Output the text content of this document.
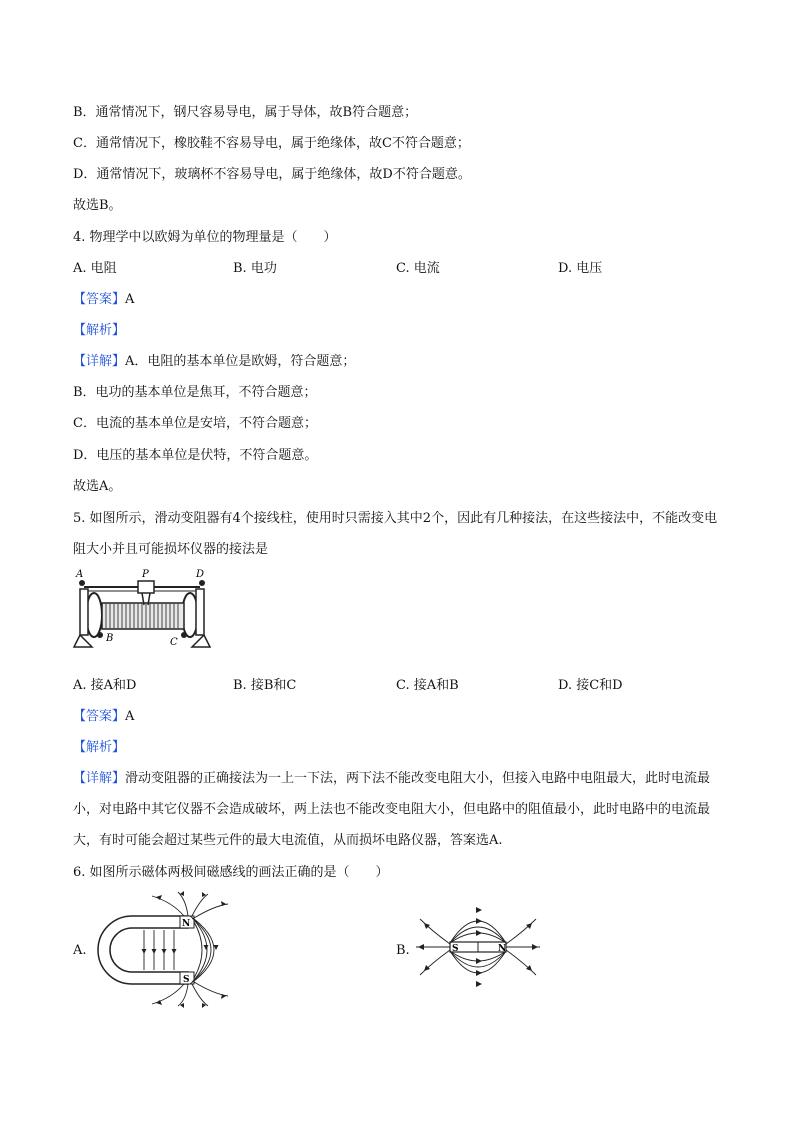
B．通常情况下，钢尺容易导电，属于导体，故B符合题意；
C．通常情况下，橡胶鞋不容易导电，属于绝缘体，故C不符合题意；
D．通常情况下，玻璃杯不容易导电，属于绝缘体，故D不符合题意。
故选B。
4. 物理学中以欧姆为单位的物理量是（　　）
A. 电阻	B. 电功	C. 电流	D. 电压
【答案】A
【解析】
【详解】A．电阻的基本单位是欧姆，符合题意；
B．电功的基本单位是焦耳，不符合题意；
C．电流的基本单位是安培，不符合题意；
D．电压的基本单位是伏特，不符合题意。
故选A。
5. 如图所示，滑动变阻器有4个接线柱，使用时只需接入其中2个，因此有几种接法，在这些接法中，不能改变电阻大小并且可能损坏仪器的接法是
A	P	D
B	C
A. 接A和D	B. 接B和C	C. 接A和B	D. 接C和D
【答案】A
【解析】
【详解】滑动变阻器的正确接法为一上一下法，两下法不能改变电阻大小，但接入电路中电阻最大，此时电流最小，对电路中其它仪器不会造成破坏，两上法也不能改变电阻大小，但电路中的阻值最小，此时电路中的电流最大，有时可能会超过某些元件的最大电流值，从而损坏电路仪器，答案选A.
6. 如图所示磁体两极间磁感线的画法正确的是（　　）
A.
N
S
B.	S	N
